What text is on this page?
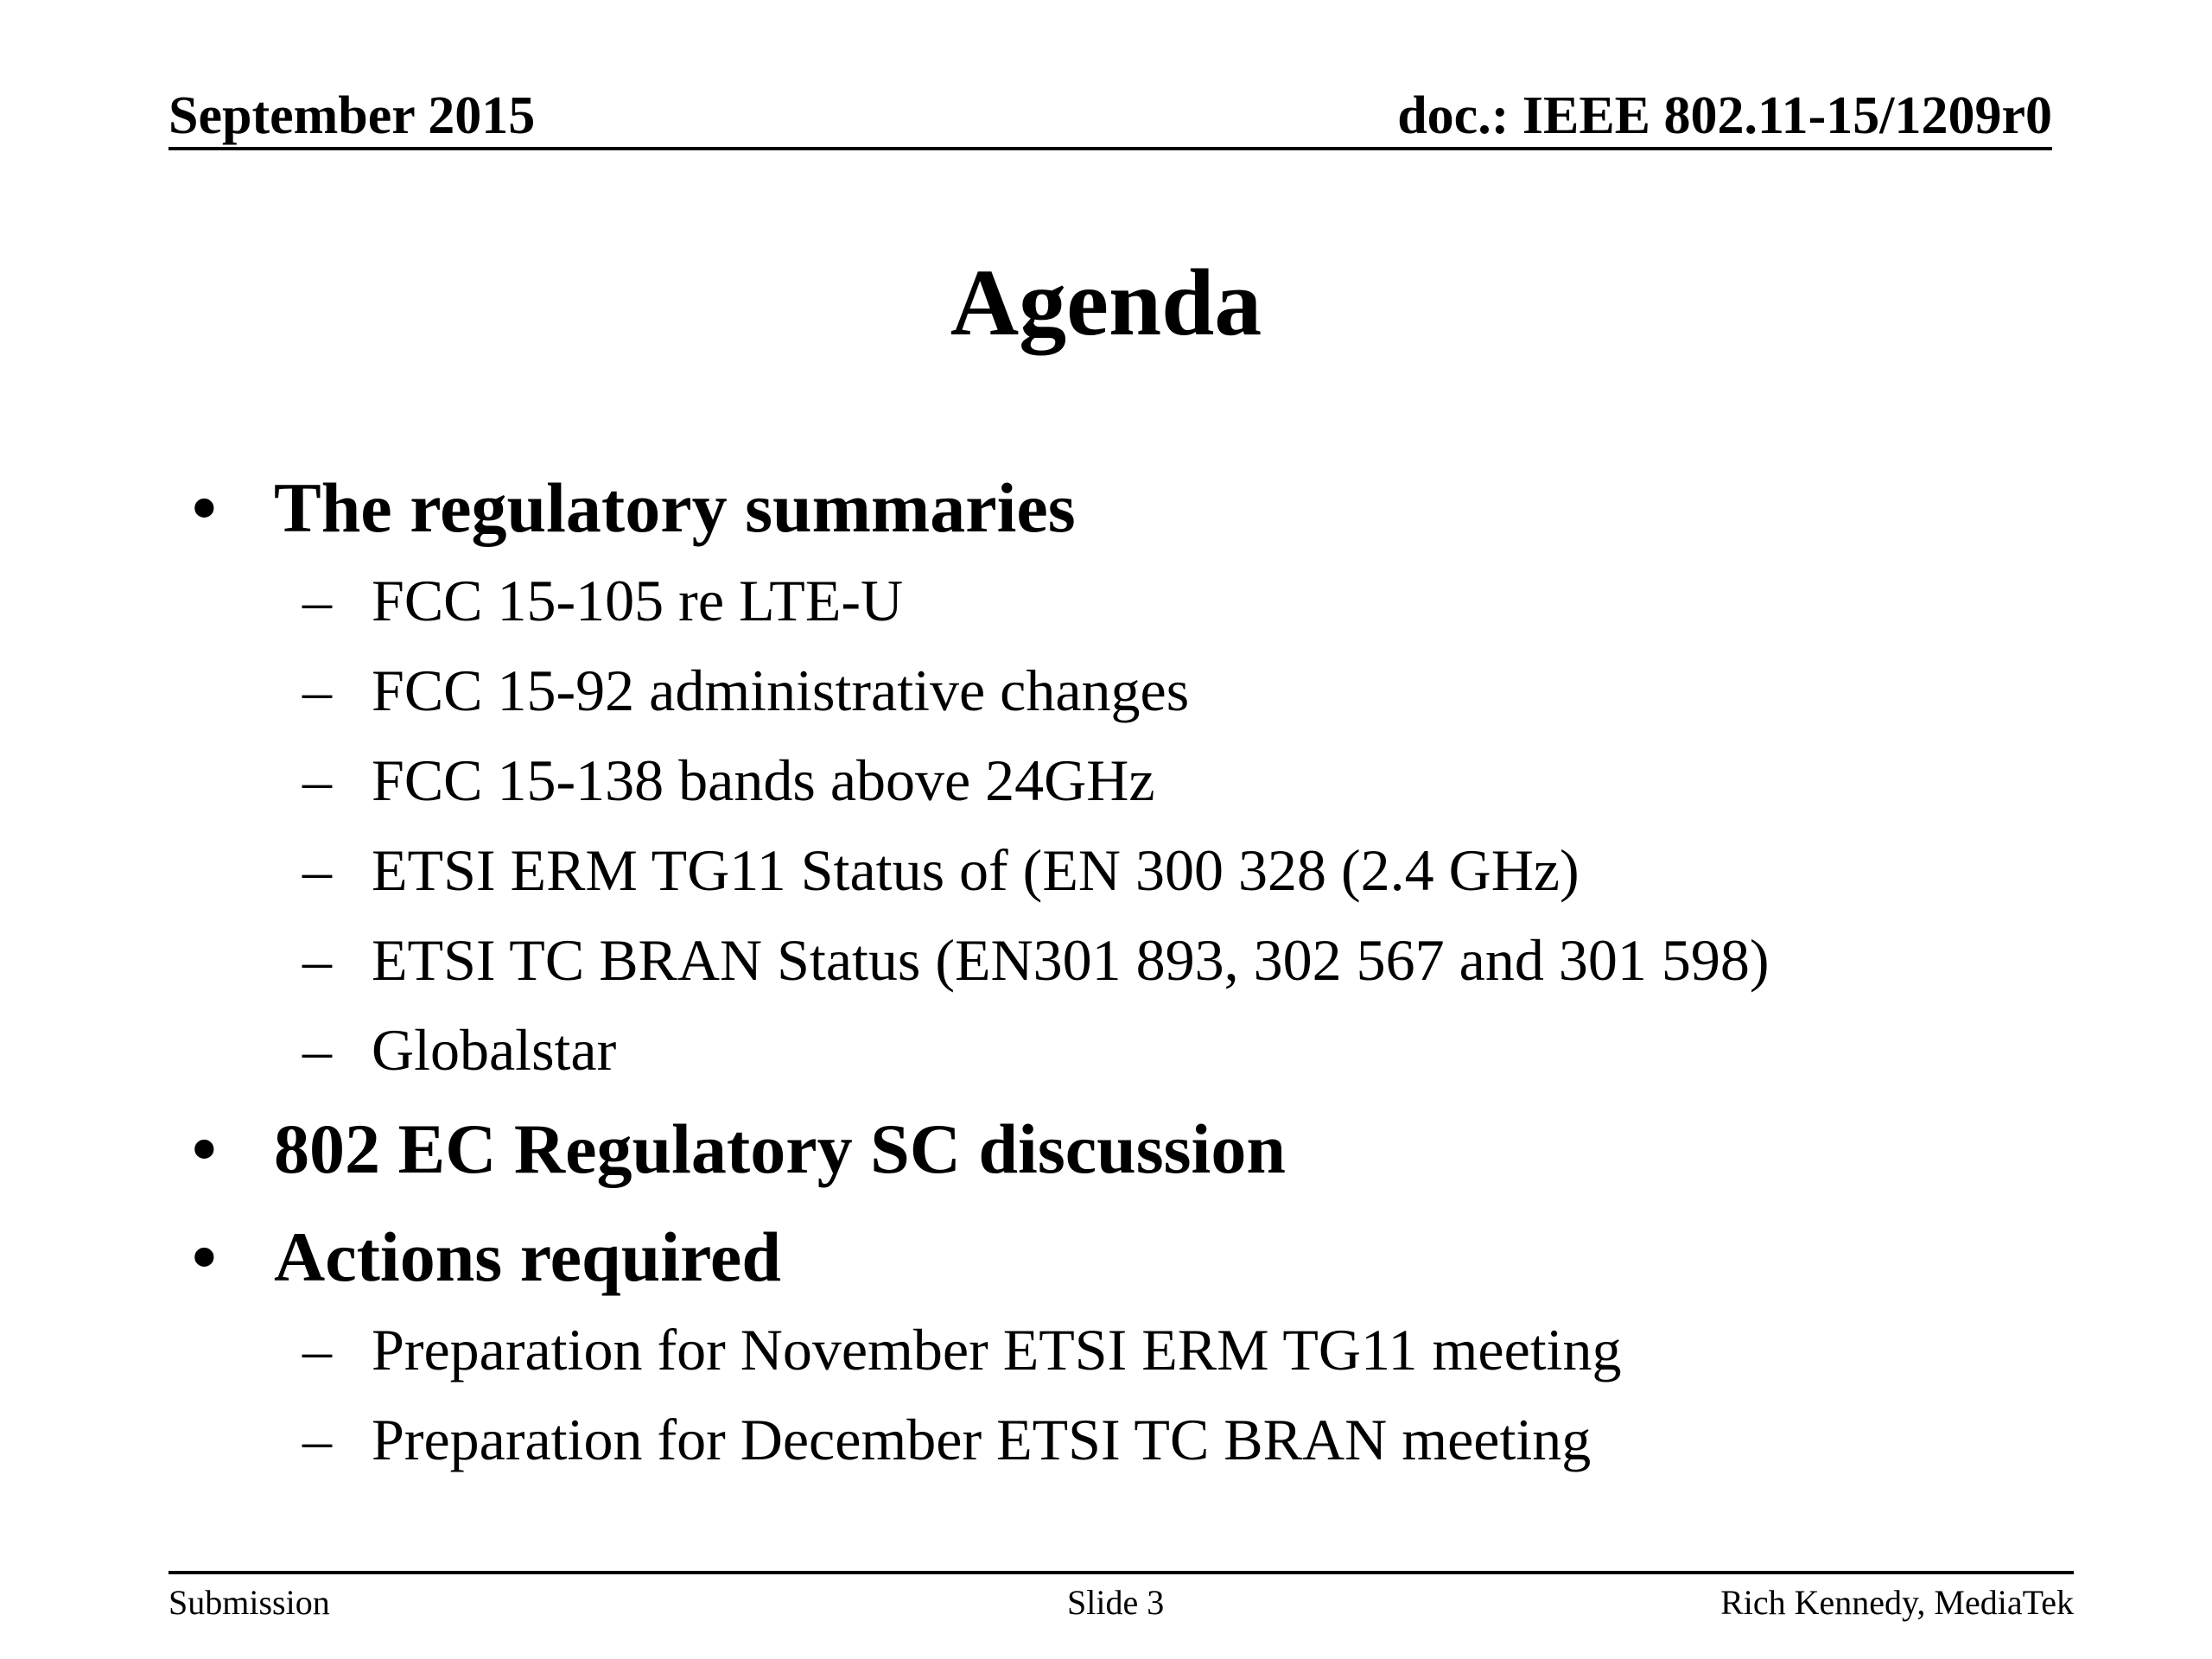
September 2015	doc.: IEEE 802.11-15/1209r0
Agenda
• The regulatory summaries
– FCC 15-105 re LTE-U
– FCC 15-92 administrative changes
– FCC 15-138 bands above 24GHz
– ETSI ERM TG11 Status of (EN 300 328 (2.4 GHz)
– ETSI TC BRAN Status (EN301 893, 302 567 and 301 598)
– Globalstar
• 802 EC Regulatory SC discussion
• Actions required
– Preparation for November ETSI ERM TG11 meeting
– Preparation for December ETSI TC BRAN meeting
Submission	Slide 3	Rich Kennedy, MediaTek
